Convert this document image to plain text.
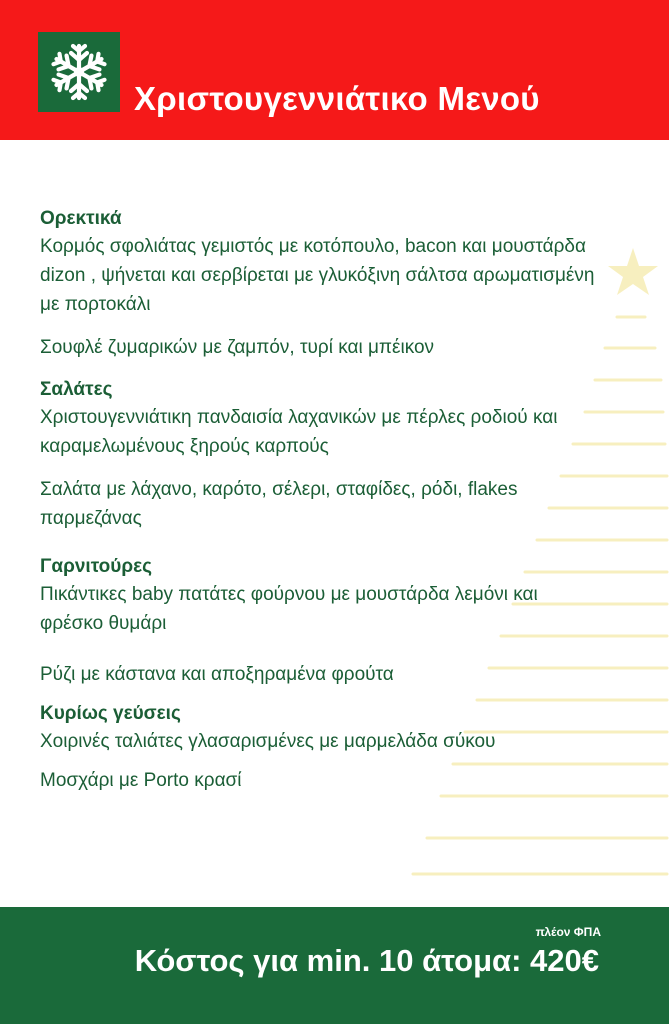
Χριστουγεννιάτικο Μενού

Ορεκτικά

Κορμός σφολιάτας γεμιστός με κοτόπουλο, bacon και μουστάρδα dizon , ψήνεται και σερβίρεται με γλυκόξινη σάλτσα αρωματισμένη με πορτοκάλι

Σουφλέ ζυμαρικών με ζαμπόν, τυρί και μπέικον

Σαλάτες

Χριστουγεννιάτικη πανδαισία λαχανικών με πέρλες ροδιού και καραμελωμένους ξηρούς καρπούς

Σαλάτα με λάχανο, καρότο, σέλερι, σταφίδες, ρόδι, flakes παρμεζάνας

Γαρνιτούρες

Πικάντικες baby πατάτες φούρνου με μουστάρδα λεμόνι και φρέσκο θυμάρι

Ρύζι με κάστανα και αποξηραμένα φρούτα

Κυρίως γεύσεις

Χοιρινές ταλιάτες γλασαρισμένες με μαρμελάδα σύκου

Μοσχάρι με Porto κρασί

πλέον ΦΠΑ
Κόστος για min. 10 άτομα: 420€
